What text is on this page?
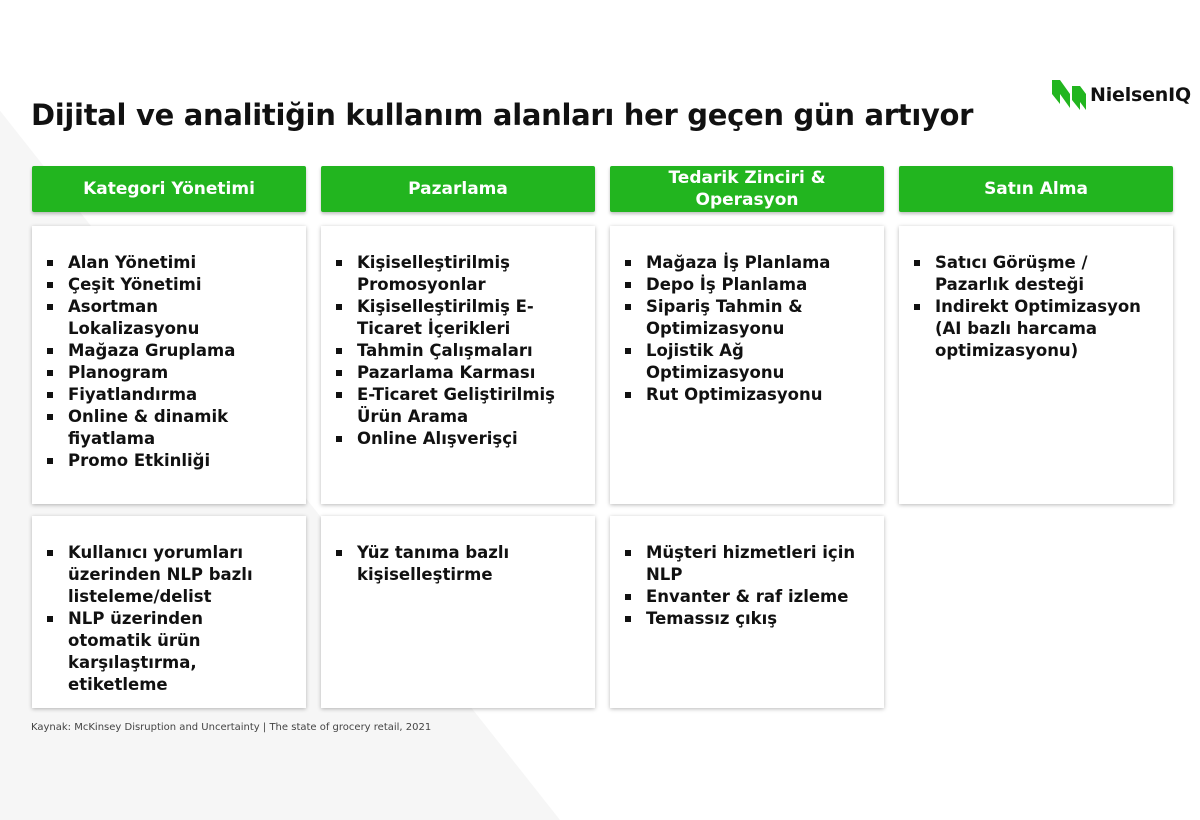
Dijital ve analitiğin kullanım alanları her geçen gün artıyor
NielsenIQ
Kategori Yönetimi
Alan Yönetimi
Çeşit Yönetimi
Asortman Lokalizasyonu
Mağaza Gruplama
Planogram
Fiyatlandırma
Online & dinamik fiyatlama
Promo Etkinliği
Kullanıcı yorumları üzerinden NLP bazlı listeleme/delist
NLP üzerinden otomatik ürün karşılaştırma, etiketleme
Pazarlama
Kişiselleştirilmiş Promosyonlar
Kişiselleştirilmiş E-Ticaret İçerikleri
Tahmin Çalışmaları
Pazarlama Karması
E-Ticaret Geliştirilmiş Ürün Arama
Online Alışverişçi
Yüz tanıma bazlı kişiselleştirme
Tedarik Zinciri &
Operasyon
Mağaza İş Planlama
Depo İş Planlama
Sipariş Tahmin & Optimizasyonu
Lojistik Ağ Optimizasyonu
Rut Optimizasyonu
Müşteri hizmetleri için NLP
Envanter & raf izleme
Temassız çıkış
Satın Alma
Satıcı Görüşme / Pazarlık desteği
Indirekt Optimizasyon (AI bazlı harcama optimizasyonu)
Kaynak: McKinsey Disruption and Uncertainty | The state of grocery retail, 2021
